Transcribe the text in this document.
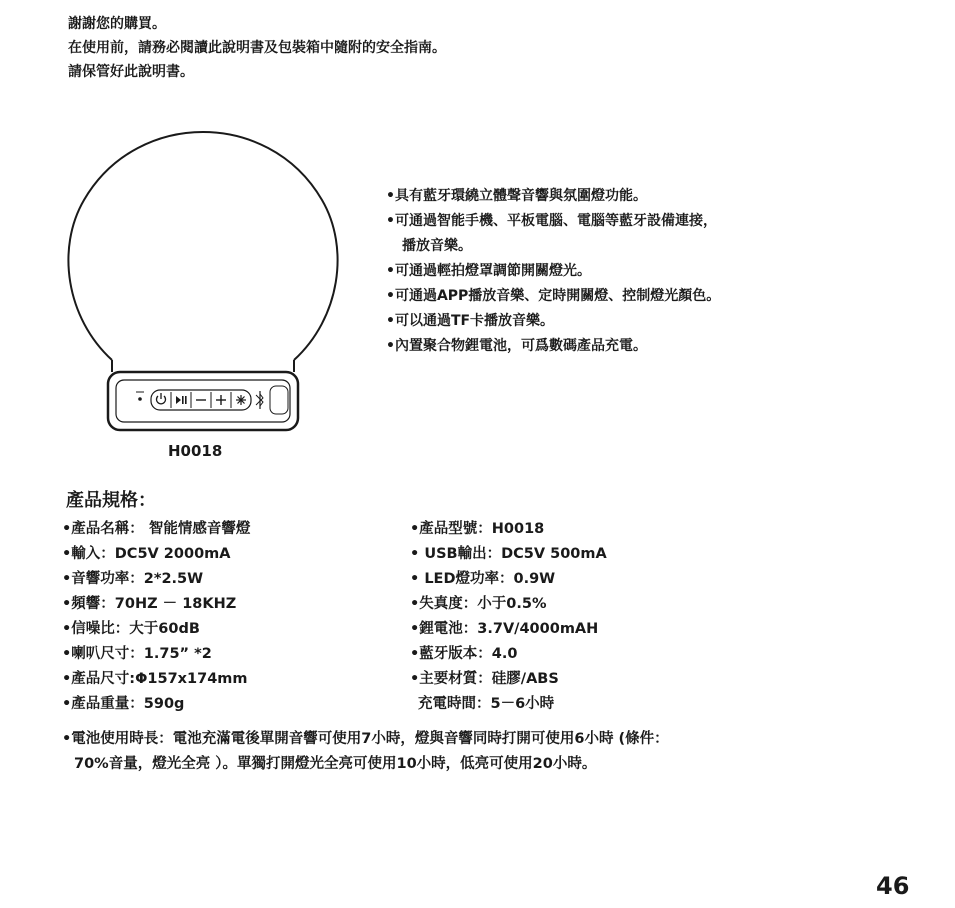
謝謝您的購買。
在使用前，請務必閱讀此說明書及包裝箱中隨附的安全指南。
請保管好此說明書。
H0018
•具有藍牙環繞立體聲音響與氛圍燈功能。
•可通過智能手機、平板電腦、電腦等藍牙設備連接，
播放音樂。
•可通過輕拍燈罩調節開關燈光。
•可通過APP播放音樂、定時開關燈、控制燈光顏色。
•可以通過TF卡播放音樂。
•內置聚合物鋰電池，可爲數碼產品充電。
產品規格：
•產品名稱： 智能情感音響燈
•輸入：DC5V 2000mA
•音響功率：2*2.5W
•頻響：70HZ － 18KHZ
•信噪比：大于60dB
•喇叭尺寸：1.75” *2
•產品尺寸:Φ157x174mm
•產品重量：590g
•產品型號：H0018
• USB輸出：DC5V 500mA
• LED燈功率：0.9W
•失真度：小于0.5%
•鋰電池：3.7V/4000mAH
•藍牙版本：4.0
•主要材質：硅膠/ABS
充電時間：5－6小時
•電池使用時長：電池充滿電後單開音響可使用7小時，燈與音響同時打開可使用6小時 (條件：
70%音量，燈光全亮 ）。單獨打開燈光全亮可使用10小時，低亮可使用20小時。
46
